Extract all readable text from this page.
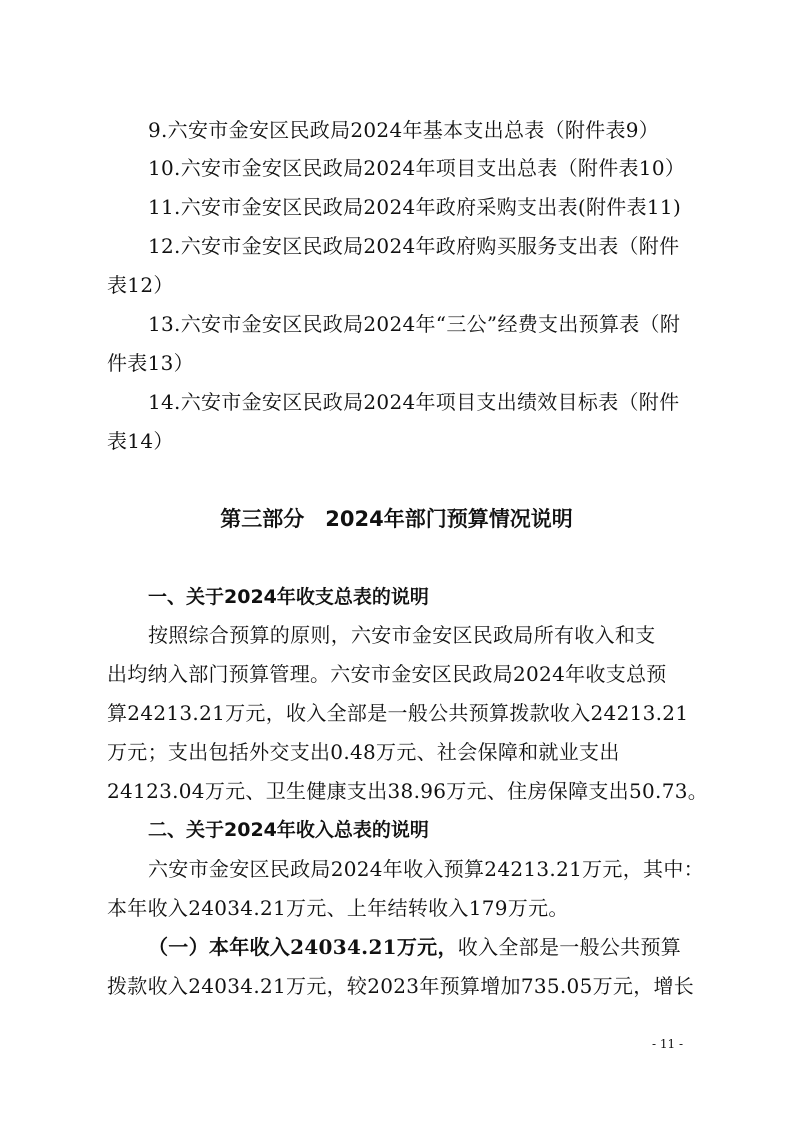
9.六安市金安区民政局2024年基本支出总表（附件表9）
10.六安市金安区民政局2024年项目支出总表（附件表10）
11.六安市金安区民政局2024年政府采购支出表(附件表11)
12.六安市金安区民政局2024年政府购买服务支出表（附件
表12）
13.六安市金安区民政局2024年“三公”经费支出预算表（附
件表13）
14.六安市金安区民政局2024年项目支出绩效目标表（附件
表14）
第三部分　2024年部门预算情况说明
一、关于2024年收支总表的说明
按照综合预算的原则，六安市金安区民政局所有收入和支
出均纳入部门预算管理。六安市金安区民政局2024年收支总预
算24213.21万元，收入全部是一般公共预算拨款收入24213.21
万元；支出包括外交支出0.48万元、社会保障和就业支出
24123.04万元、卫生健康支出38.96万元、住房保障支出50.73。
二、关于2024年收入总表的说明
六安市金安区民政局2024年收入预算24213.21万元，其中：
本年收入24034.21万元、上年结转收入179万元。
（一）本年收入24034.21万元，收入全部是一般公共预算
拨款收入24034.21万元，较2023年预算增加735.05万元，增长
- 11 -
